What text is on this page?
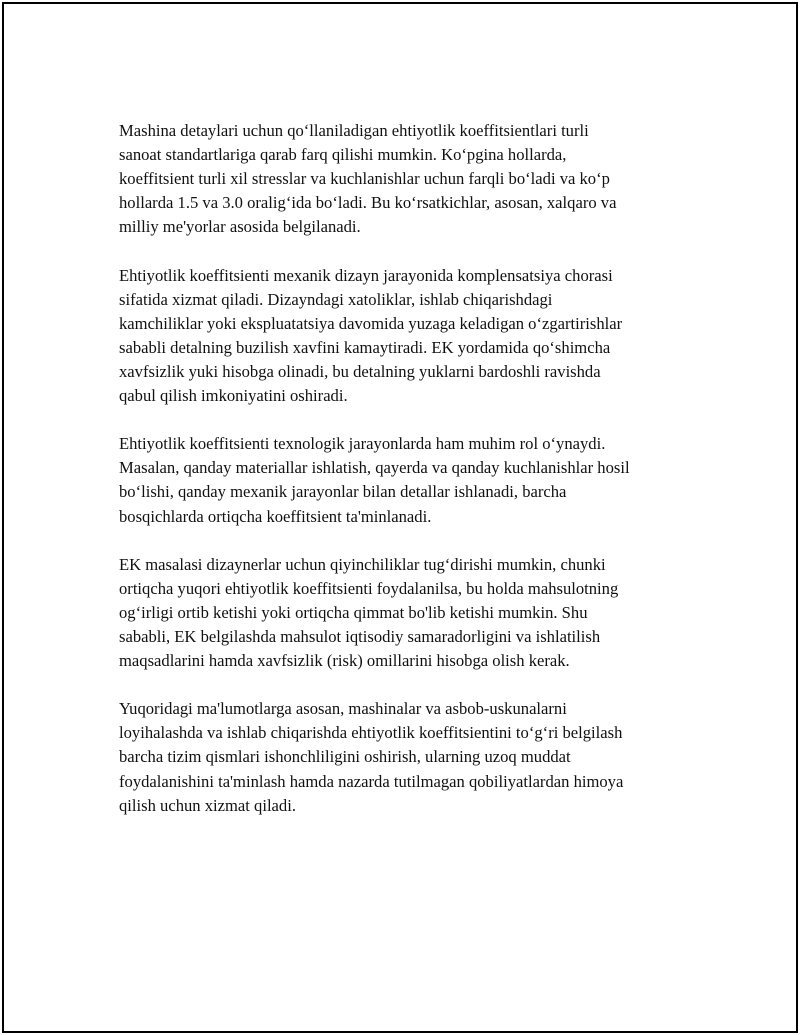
Mashina detaylari uchun qoʻllaniladigan ehtiyotlik koeffitsientlari turli
sanoat standartlariga qarab farq qilishi mumkin. Koʻpgina hollarda,
koeffitsient turli xil stresslar va kuchlanishlar uchun farqli boʻladi va koʻp
hollarda 1.5 va 3.0 oraligʻida boʻladi. Bu koʻrsatkichlar, asosan, xalqaro va
milliy me'yorlar asosida belgilanadi.

Ehtiyotlik koeffitsienti mexanik dizayn jarayonida komplensatsiya chorasi
sifatida xizmat qiladi. Dizayndagi xatoliklar, ishlab chiqarishdagi
kamchiliklar yoki ekspluatatsiya davomida yuzaga keladigan oʻzgartirishlar
sababli detalning buzilish xavfini kamaytiradi. EK yordamida qoʻshimcha
xavfsizlik yuki hisobga olinadi, bu detalning yuklarni bardoshli ravishda
qabul qilish imkoniyatini oshiradi.

Ehtiyotlik koeffitsienti texnologik jarayonlarda ham muhim rol oʻynaydi.
Masalan, qanday materiallar ishlatish, qayerda va qanday kuchlanishlar hosil
boʻlishi, qanday mexanik jarayonlar bilan detallar ishlanadi, barcha
bosqichlarda ortiqcha koeffitsient ta'minlanadi.

EK masalasi dizaynerlar uchun qiyinchiliklar tugʻdirishi mumkin, chunki
ortiqcha yuqori ehtiyotlik koeffitsienti foydalanilsa, bu holda mahsulotning
ogʻirligi ortib ketishi yoki ortiqcha qimmat bo'lib ketishi mumkin. Shu
sababli, EK belgilashda mahsulot iqtisodiy samaradorligini va ishlatilish
maqsadlarini hamda xavfsizlik (risk) omillarini hisobga olish kerak.

Yuqoridagi ma'lumotlarga asosan, mashinalar va asbob-uskunalarni
loyihalashda va ishlab chiqarishda ehtiyotlik koeffitsientini toʻgʻri belgilash
barcha tizim qismlari ishonchliligini oshirish, ularning uzoq muddat
foydalanishini ta'minlash hamda nazarda tutilmagan qobiliyatlardan himoya
qilish uchun xizmat qiladi.
